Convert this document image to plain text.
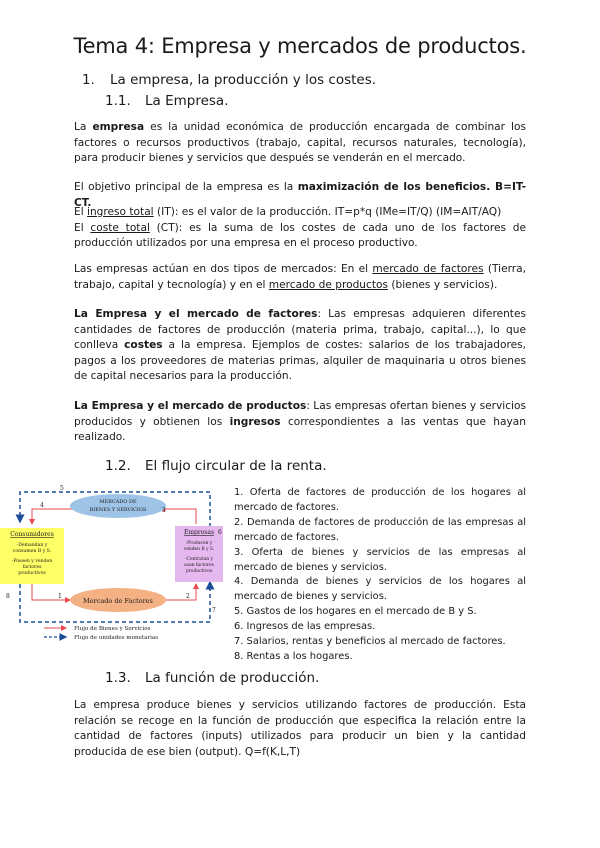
Tema 4: Empresa y mercados de productos.
1. La empresa, la producción y los costes.
1.1. La Empresa.

La empresa es la unidad económica de producción encargada de combinar los factores o recursos productivos (trabajo, capital, recursos naturales, tecnología), para producir bienes y servicios que después se venderán en el mercado.

El objetivo principal de la empresa es la maximización de los beneficios. B=IT-CT.

El ingreso total (IT): es el valor de la producción. IT=p*q (IMe=IT/Q) (IM=AIT/AQ)
El coste total (CT): es la suma de los costes de cada uno de los factores de producción utilizados por una empresa en el proceso productivo.

Las empresas actúan en dos tipos de mercados: En el mercado de factores (Tierra, trabajo, capital y tecnología) y en el mercado de productos (bienes y servicios).

La Empresa y el mercado de factores: Las empresas adquieren diferentes cantidades de factores de producción (materia prima, trabajo, capital...), lo que conlleva costes a la empresa. Ejemplos de costes: salarios de los trabajadores, pagos a los proveedores de materias primas, alquiler de maquinaria u otros bienes de capital necesarios para la producción.

La Empresa y el mercado de productos: Las empresas ofertan bienes y servicios producidos y obtienen los ingresos correspondientes a las ventas que hayan realizado.

1.2. El flujo circular de la renta.
MERCADO DE
BIENES Y SERVICIOS
Mercado de Factores
Consumidores
-Demandan y
consumen B y S.
-Poseen y venden
factores
productivos
Empresas
-Producen y
venden B y S.
-Contratan y
usan factores
productivos
5
4
3
6
8	1	2
7
Flujo de Bienes y Servicios
Flujo de unidades monetarias
1. Oferta de factores de producción de los hogares al mercado de factores.
2. Demanda de factores de producción de las empresas al mercado de factores.
3. Oferta de bienes y servicios de las empresas al mercado de bienes y servicios.
4. Demanda de bienes y servicios de los hogares al mercado de bienes y servicios.
5. Gastos de los hogares en el mercado de B y S.
6. Ingresos de las empresas.
7. Salarios, rentas y beneficios al mercado de factores.
8. Rentas a los hogares.
1.3. La función de producción.

La empresa produce bienes y servicios utilizando factores de producción. Esta relación se recoge en la función de producción que especifica la relación entre la cantidad de factores (inputs) utilizados para producir un bien y la cantidad producida de ese bien (output). Q=f(K,L,T)
